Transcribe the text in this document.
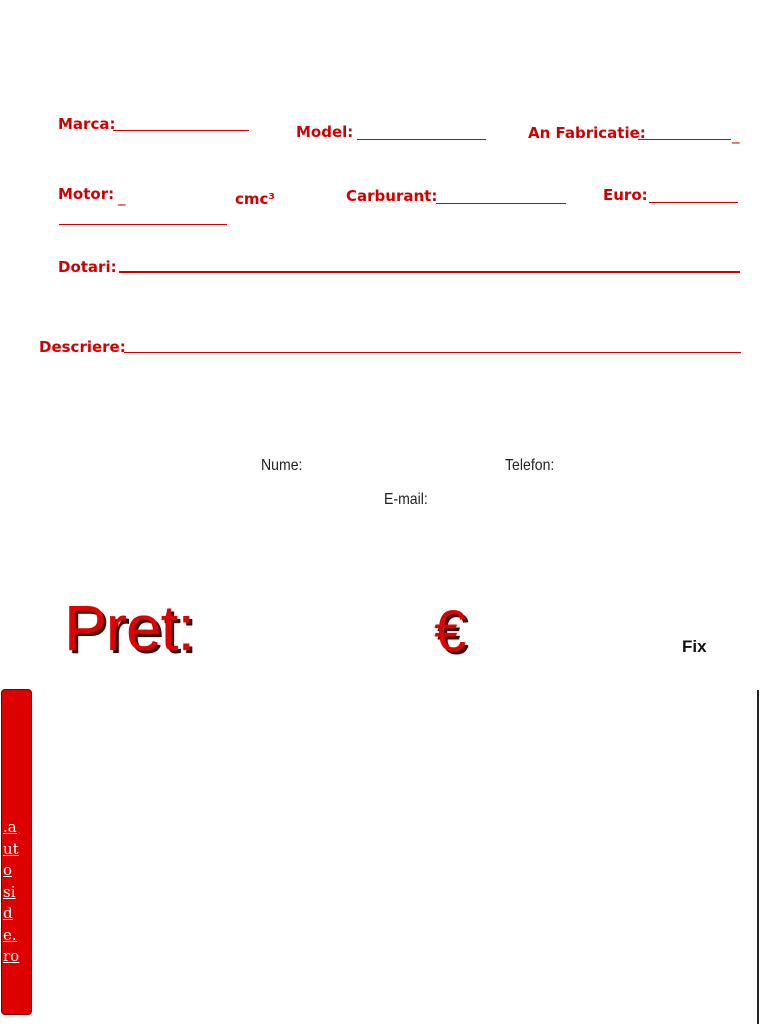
Marca:	Model:	An Fabricatie:	_
Motor: _	cmc³	Carburant:	Euro:
Dotari:
Descriere:
Nume:	Telefon:
E-mail:
Pret:	€	Fix
.a
ut
o
si
d
e.
ro
